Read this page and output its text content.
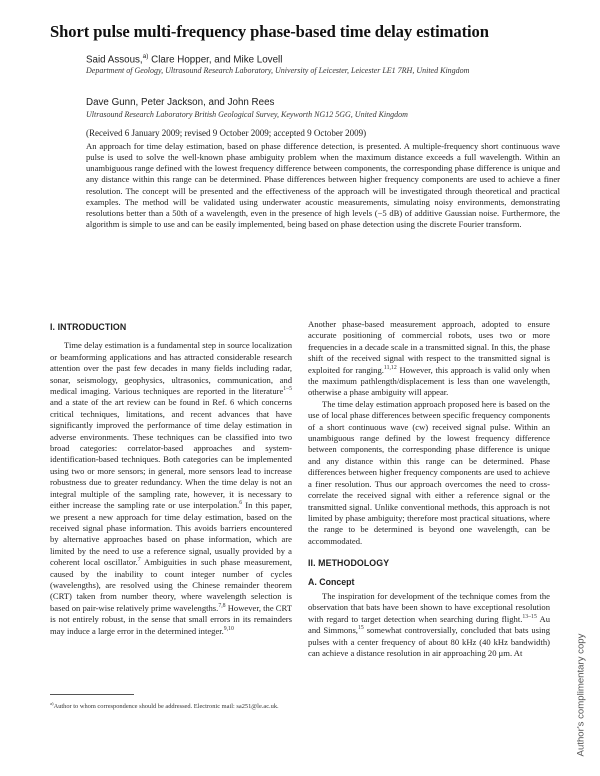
Short pulse multi-frequency phase-based time delay estimation
Said Assous,$^{a)}$ Clare Hopper, and Mike Lovell
Department of Geology, Ultrasound Research Laboratory, University of Leicester, Leicester LE1 7RH, United Kingdom
Dave Gunn, Peter Jackson, and John Rees
Ultrasound Research Laboratory British Geological Survey, Keyworth NG12 5GG, United Kingdom
(Received 6 January 2009; revised 9 October 2009; accepted 9 October 2009)
An approach for time delay estimation, based on phase difference detection, is presented. A multiple-frequency short continuous wave pulse is used to solve the well-known phase ambiguity problem when the maximum distance exceeds a full wavelength. Within an unambiguous range defined with the lowest frequency difference between components, the corresponding phase difference is unique and any distance within this range can be determined. Phase differences between higher frequency components are used to achieve a finer resolution. The concept will be presented and the effectiveness of the approach will be investigated through theoretical and practical examples. The method will be validated using underwater acoustic measurements, simulating noisy environments, demonstrating resolutions better than a 50th of a wavelength, even in the presence of high levels (−5 dB) of additive Gaussian noise. Furthermore, the algorithm is simple to use and can be easily implemented, being based on phase detection using the discrete Fourier transform.
I. INTRODUCTION

Time delay estimation is a fundamental step in source localization or beamforming applications and has attracted considerable research attention over the past few decades in many fields including radar, sonar, seismology, geophysics, ultrasonics, communication, and medical imaging. Various techniques are reported in the literature$^{1-5}$ and a state of the art review can be found in Ref. 6 which concerns critical techniques, limitations, and recent advances that have significantly improved the performance of time delay estimation in adverse environments. These techniques can be classified into two broad categories: correlator-based approaches and system-identification-based techniques. Both categories can be implemented using two or more sensors; in general, more sensors lead to increase robustness due to greater redundancy. When the time delay is not an integral multiple of the sampling rate, however, it is necessary to either increase the sampling rate or use interpolation.$^6$ In this paper, we present a new approach for time delay estimation, based on the received signal phase information. This avoids barriers encountered by alternative approaches based on phase information, which are limited by the need to use a reference signal, usually provided by a coherent local oscillator.$^7$ Ambiguities in such phase measurement, caused by the inability to count integer number of cycles (wavelengths), are resolved using the Chinese remainder theorem (CRT) taken from number theory, where wavelength selection is based on pair-wise relatively prime wavelengths.$^{7,8}$ However, the CRT is not entirely robust, in the sense that small errors in its remainders may induce a large error in the determined integer.$^{9,10}$

Another phase-based measurement approach, adopted to ensure accurate positioning of commercial robots, uses two or more frequencies in a decade scale in a transmitted signal. In this, the phase shift of the received signal with respect to the transmitted signal is exploited for ranging.$^{11,12}$ However, this approach is valid only when the maximum pathlength/displacement is less than one wavelength, otherwise a phase ambiguity will appear.

The time delay estimation approach proposed here is based on the use of local phase differences between specific frequency components of a short continuous wave (cw) received signal pulse. Within an unambiguous range defined by the lowest frequency difference between components, the corresponding phase difference is unique and any distance within this range can be determined. Phase differences between higher frequency components are used to achieve a finer resolution. Thus our approach overcomes the need to cross-correlate the received signal with either a reference signal or the transmitted signal. Unlike conventional methods, this approach is not limited by phase ambiguity; therefore most practical situations, where the range to be determined is beyond one wavelength, can be accommodated.

II. METHODOLOGY
A. Concept

The inspiration for development of the technique comes from the observation that bats have been shown to have exceptional resolution with regard to target detection when searching during flight.$^{13-15}$ Au and Simmons,$^{15}$ somewhat controversially, concluded that bats using pulses with a center frequency of about 80 kHz (40 kHz bandwidth) can achieve a distance resolution in air approaching 20 μm. At

$^{a)}$Author to whom correspondence should be addressed. Electronic mail: sa251@le.ac.uk.	Author's complimentary copy
